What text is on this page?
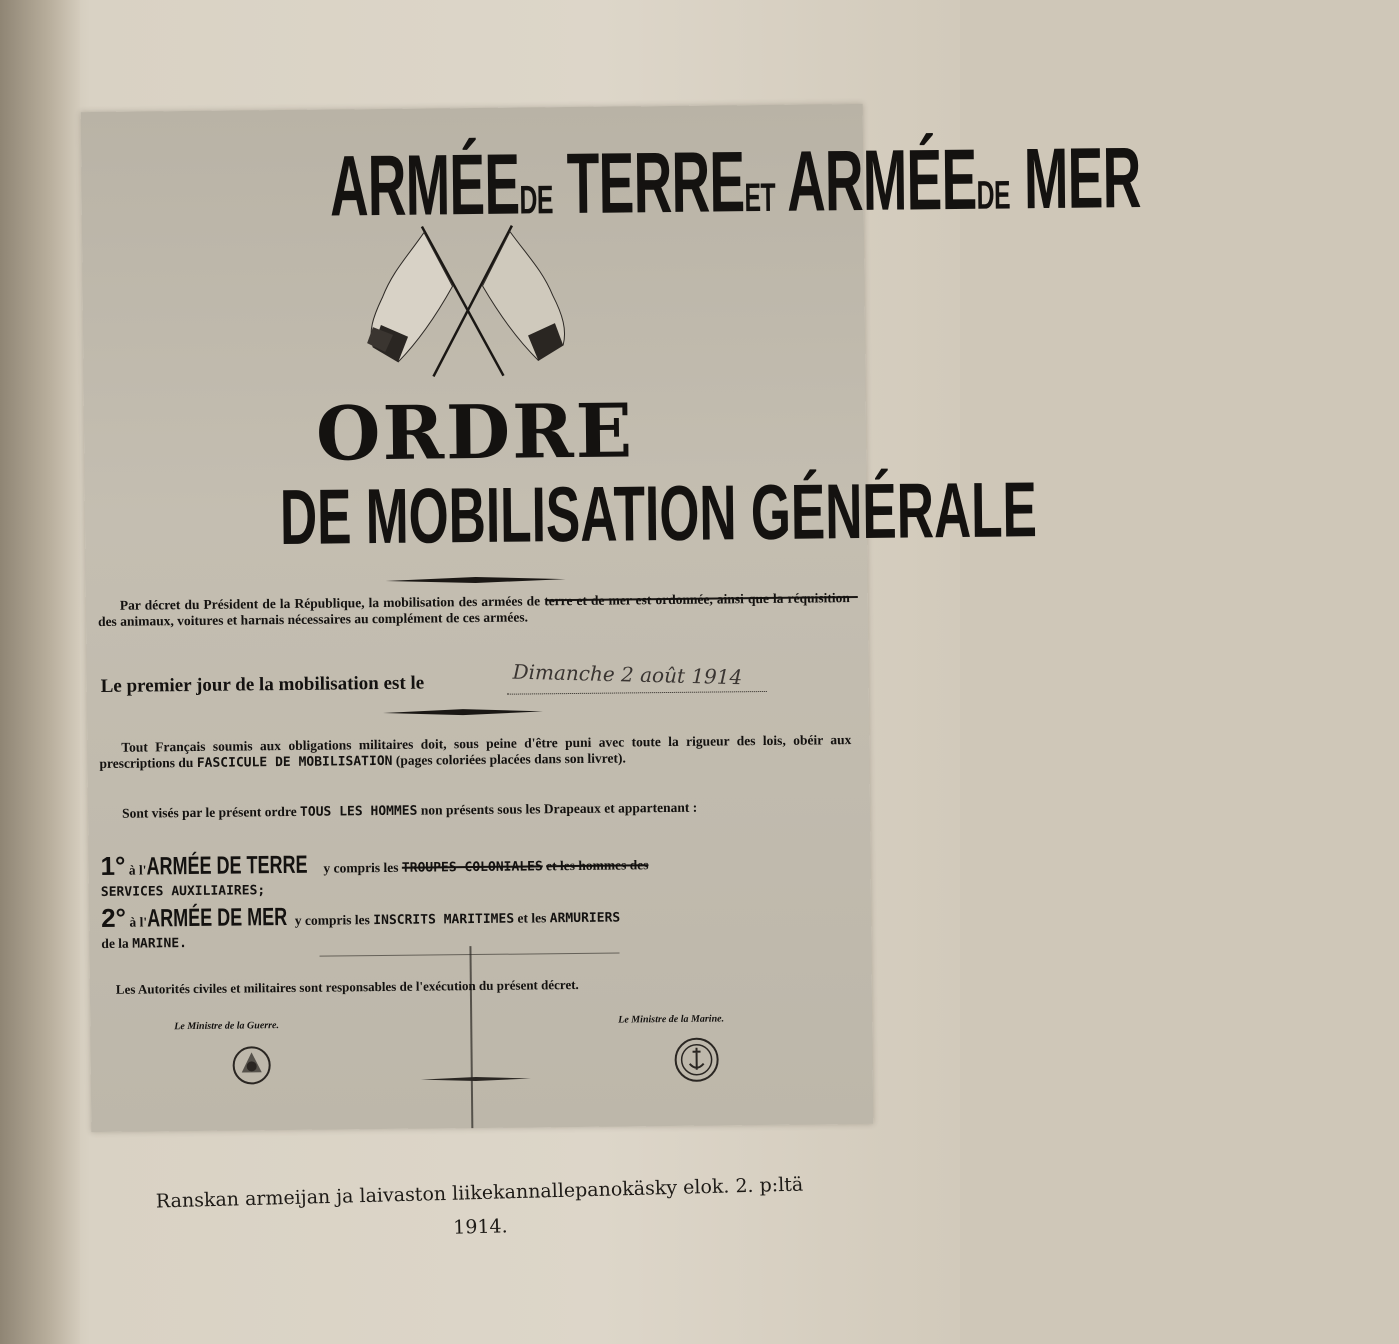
ARMÉEDE TERREET ARMÉEDE MER
ORDRE
DE MOBILISATION GÉNÉRALE
Par décret du Président de la République, la mobilisation des armées de terre et de mer est ordonnée, ainsi que la réquisition des animaux, voitures et harnais nécessaires au complément de ces armées.
Le premier jour de la mobilisation est le	Dimanche 2 août 1914
Tout Français soumis aux obligations militaires doit, sous peine d'être puni avec toute la rigueur des lois, obéir aux prescriptions du FASCICULE DE MOBILISATION (pages coloriées placées dans son livret).
Sont visés par le présent ordre TOUS LES HOMMES non présents sous les Drapeaux et appartenant :
1° à l'ARMÉE DE TERRE y compris les TROUPES COLONIALES et les hommes des
SERVICES AUXILIAIRES;
2° à l'ARMÉE DE MER y compris les INSCRITS MARITIMES et les ARMURIERS
de la MARINE.
Les Autorités civiles et militaires sont responsables de l'exécution du présent décret.
Le Ministre de la Guerre.
Le Ministre de la Marine.
Ranskan armeijan ja laivaston liikekannallepanokäsky elok. 2. p:ltä
1914.
